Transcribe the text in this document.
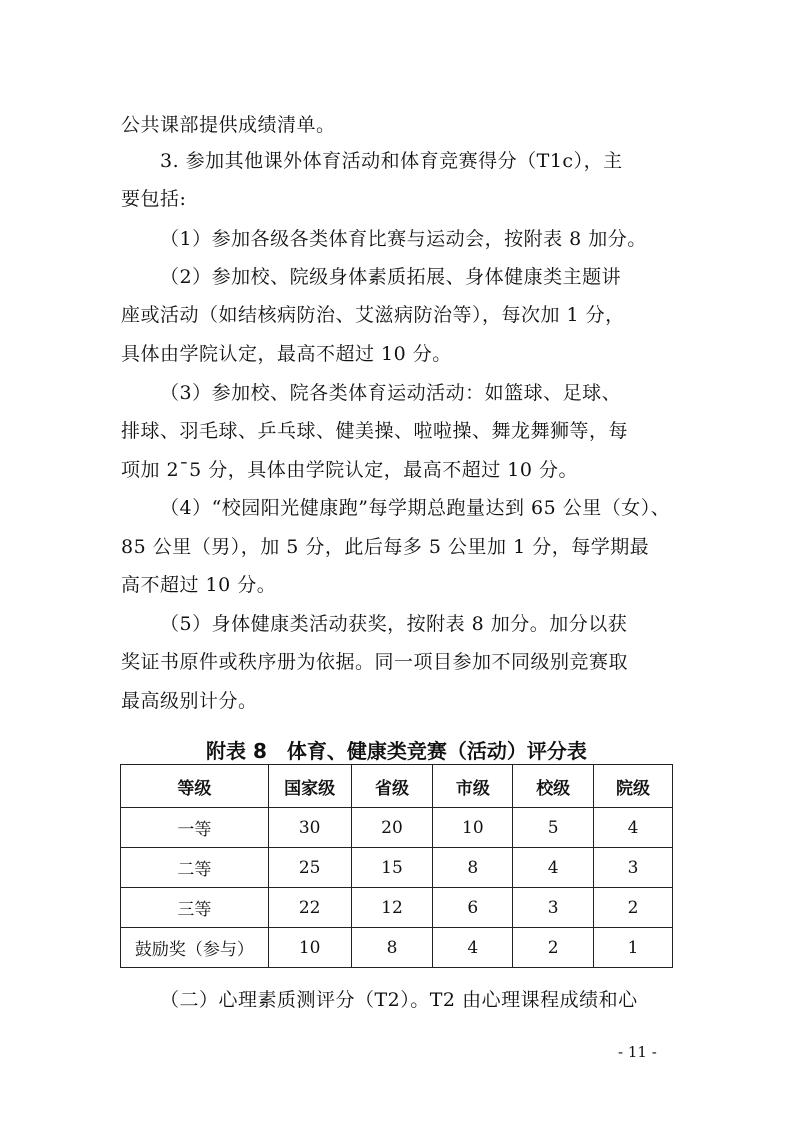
公共课部提供成绩清单。
3. 参加其他课外体育活动和体育竞赛得分（T1c），主
要包括:
（1）参加各级各类体育比赛与运动会，按附表 8 加分。
（2）参加校、院级身体素质拓展、身体健康类主题讲
座或活动（如结核病防治、艾滋病防治等），每次加 1 分，
具体由学院认定，最高不超过 10 分。
（3）参加校、院各类体育运动活动：如篮球、足球、
排球、羽毛球、乒乓球、健美操、啦啦操、舞龙舞狮等，每
项加 2¯5 分，具体由学院认定，最高不超过 10 分。
（4）“校园阳光健康跑”每学期总跑量达到 65 公里（女）、
85 公里（男），加 5 分，此后每多 5 公里加 1 分，每学期最
高不超过 10 分。
（5）身体健康类活动获奖，按附表 8 加分。加分以获
奖证书原件或秩序册为依据。同一项目参加不同级别竞赛取
最高级别计分。
附表 8　体育、健康类竞赛（活动）评分表
等级	国家级	省级	市级	校级	院级
一等	30	20	10	5	4
二等	25	15	8	4	3
三等	22	12	6	3	2
鼓励奖（参与）	10	8	4	2	1
（二）心理素质测评分（T2）。T2 由心理课程成绩和心
- 11 -
